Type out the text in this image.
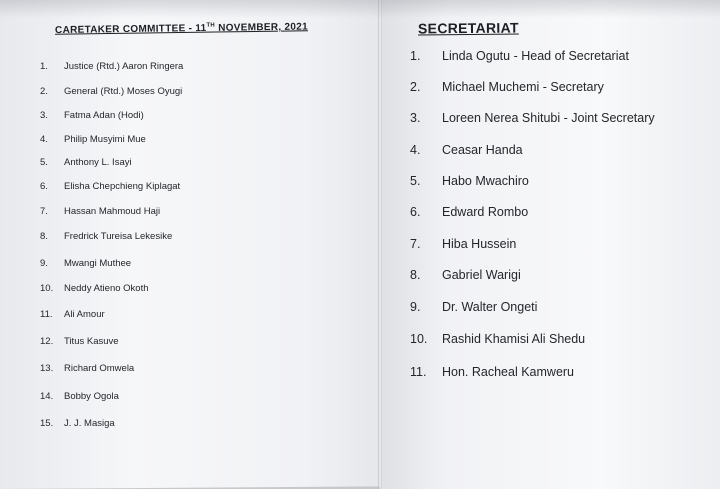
CARETAKER COMMITTEE - 11TH NOVEMBER, 2021	SECRETARIAT
1. Justice (Rtd.) Aaron Ringera
2. General (Rtd.) Moses Oyugi
3. Fatma Adan (Hodi)
4. Philip Musyimi Mue
5. Anthony L. Isayi
6. Elisha Chepchieng Kiplagat
7. Hassan Mahmoud Haji
8. Fredrick Tureisa Lekesike
9. Mwangi Muthee
10. Neddy Atieno Okoth
11. Ali Amour
12. Titus Kasuve
13. Richard Omwela
14. Bobby Ogola
15. J. J. Masiga
1. Linda Ogutu - Head of Secretariat
2. Michael Muchemi - Secretary
3. Loreen Nerea Shitubi - Joint Secretary
4. Ceasar Handa
5. Habo Mwachiro
6. Edward Rombo
7. Hiba Hussein
8. Gabriel Warigi
9. Dr. Walter Ongeti
10. Rashid Khamisi Ali Shedu
11. Hon. Racheal Kamweru
